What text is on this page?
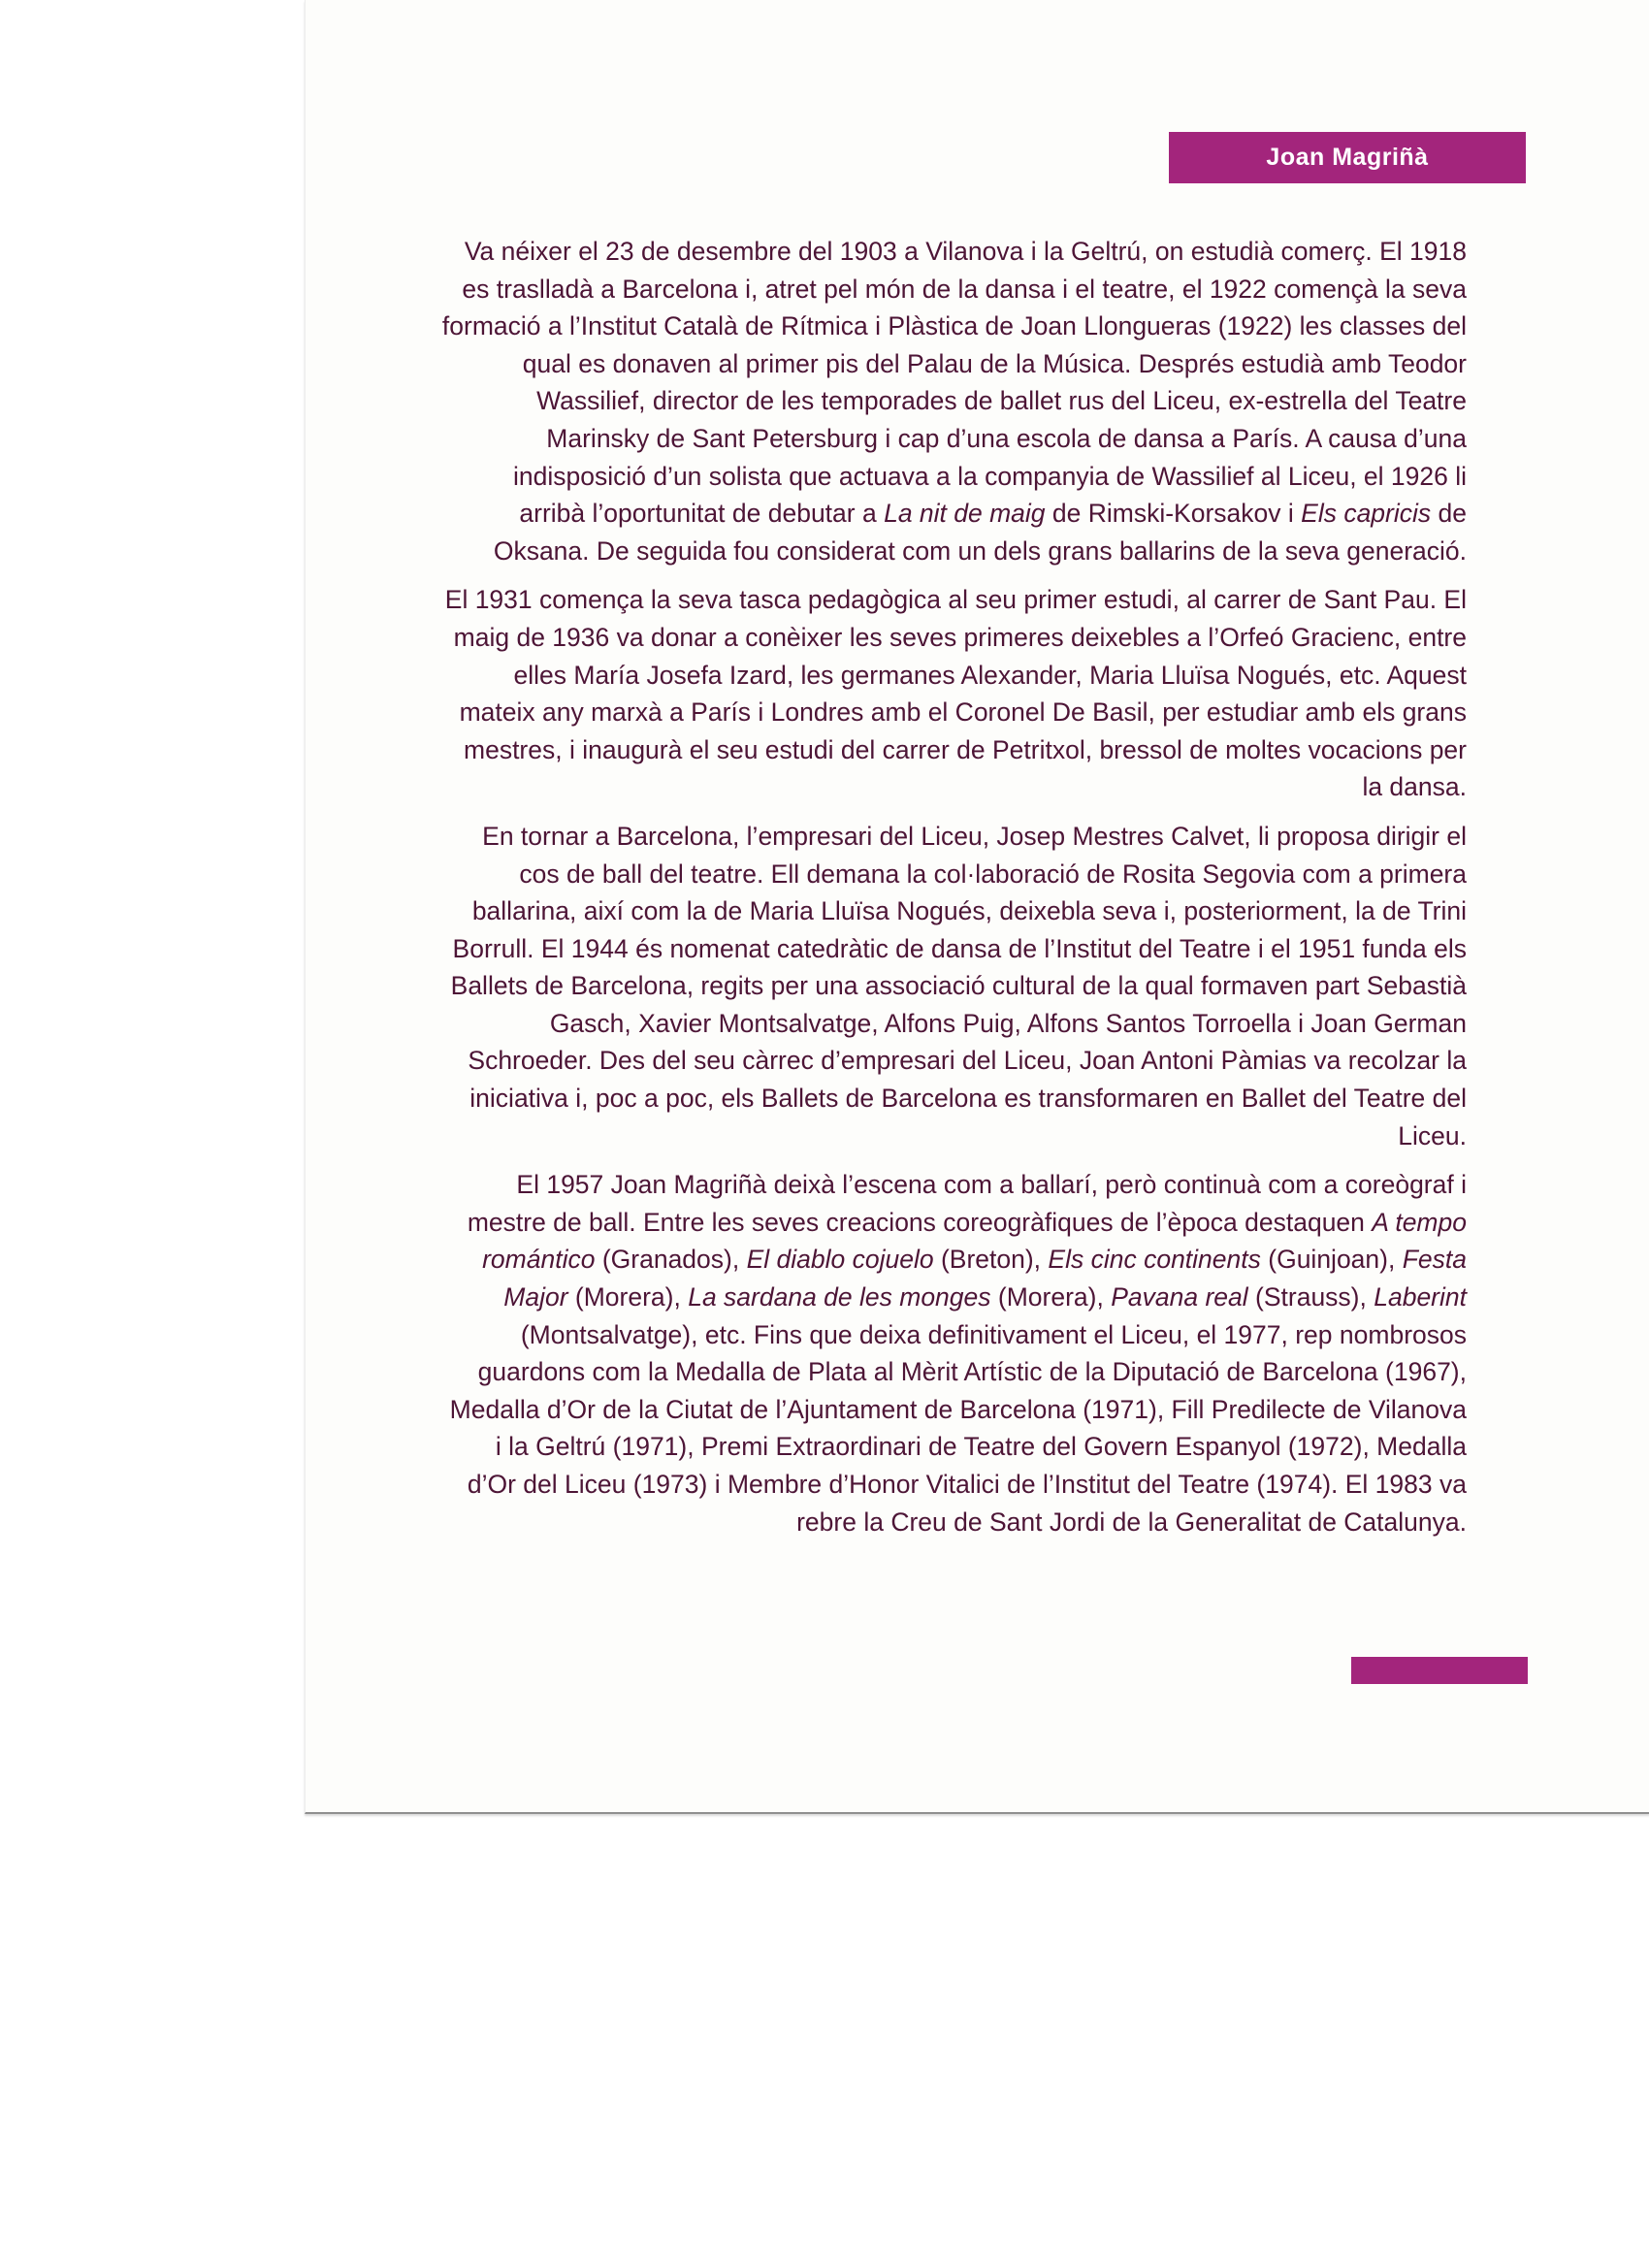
Joan Magriñà

Va néixer el 23 de desembre del 1903 a Vilanova i la Geltrú, on estudià comerç. El 1918 es traslladà a Barcelona i, atret pel món de la dansa i el teatre, el 1922 començà la seva formació a l’Institut Català de Rítmica i Plàstica de Joan Llongueras (1922) les classes del qual es donaven al primer pis del Palau de la Música. Després estudià amb Teodor Wassilief, director de les temporades de ballet rus del Liceu, ex-estrella del Teatre Marinsky de Sant Petersburg i cap d’una escola de dansa a París. A causa d’una indisposició d’un solista que actuava a la companyia de Wassilief al Liceu, el 1926 li arribà l’oportunitat de debutar a La nit de maig de Rimski-Korsakov i Els capricis de Oksana. De seguida fou considerat com un dels grans ballarins de la seva generació.

El 1931 comença la seva tasca pedagògica al seu primer estudi, al carrer de Sant Pau. El maig de 1936 va donar a conèixer les seves primeres deixebles a l’Orfeó Gracienc, entre elles María Josefa Izard, les germanes Alexander, Maria Lluïsa Nogués, etc. Aquest mateix any marxà a París i Londres amb el Coronel De Basil, per estudiar amb els grans mestres, i inaugurà el seu estudi del carrer de Petritxol, bressol de moltes vocacions per la dansa.

En tornar a Barcelona, l’empresari del Liceu, Josep Mestres Calvet, li proposa dirigir el cos de ball del teatre. Ell demana la col·laboració de Rosita Segovia com a primera ballarina, així com la de Maria Lluïsa Nogués, deixebla seva i, posteriorment, la de Trini Borrull. El 1944 és nomenat catedràtic de dansa de l’Institut del Teatre i el 1951 funda els Ballets de Barcelona, regits per una associació cultural de la qual formaven part Sebastià Gasch, Xavier Montsalvatge, Alfons Puig, Alfons Santos Torroella i Joan German Schroeder. Des del seu càrrec d’empresari del Liceu, Joan Antoni Pàmias va recolzar la iniciativa i, poc a poc, els Ballets de Barcelona es transformaren en Ballet del Teatre del Liceu.

El 1957 Joan Magriñà deixà l’escena com a ballarí, però continuà com a coreògraf i mestre de ball. Entre les seves creacions coreogràfiques de l’època destaquen A tempo romántico (Granados), El diablo cojuelo (Breton), Els cinc continents (Guinjoan), Festa Major (Morera), La sardana de les monges (Morera), Pavana real (Strauss), Laberint (Montsalvatge), etc. Fins que deixa definitivament el Liceu, el 1977, rep nombrosos guardons com la Medalla de Plata al Mèrit Artístic de la Diputació de Barcelona (1967), Medalla d’Or de la Ciutat de l’Ajuntament de Barcelona (1971), Fill Predilecte de Vilanova i la Geltrú (1971), Premi Extraordinari de Teatre del Govern Espanyol (1972), Medalla d’Or del Liceu (1973) i Membre d’Honor Vitalici de l’Institut del Teatre (1974). El 1983 va rebre la Creu de Sant Jordi de la Generalitat de Catalunya.
